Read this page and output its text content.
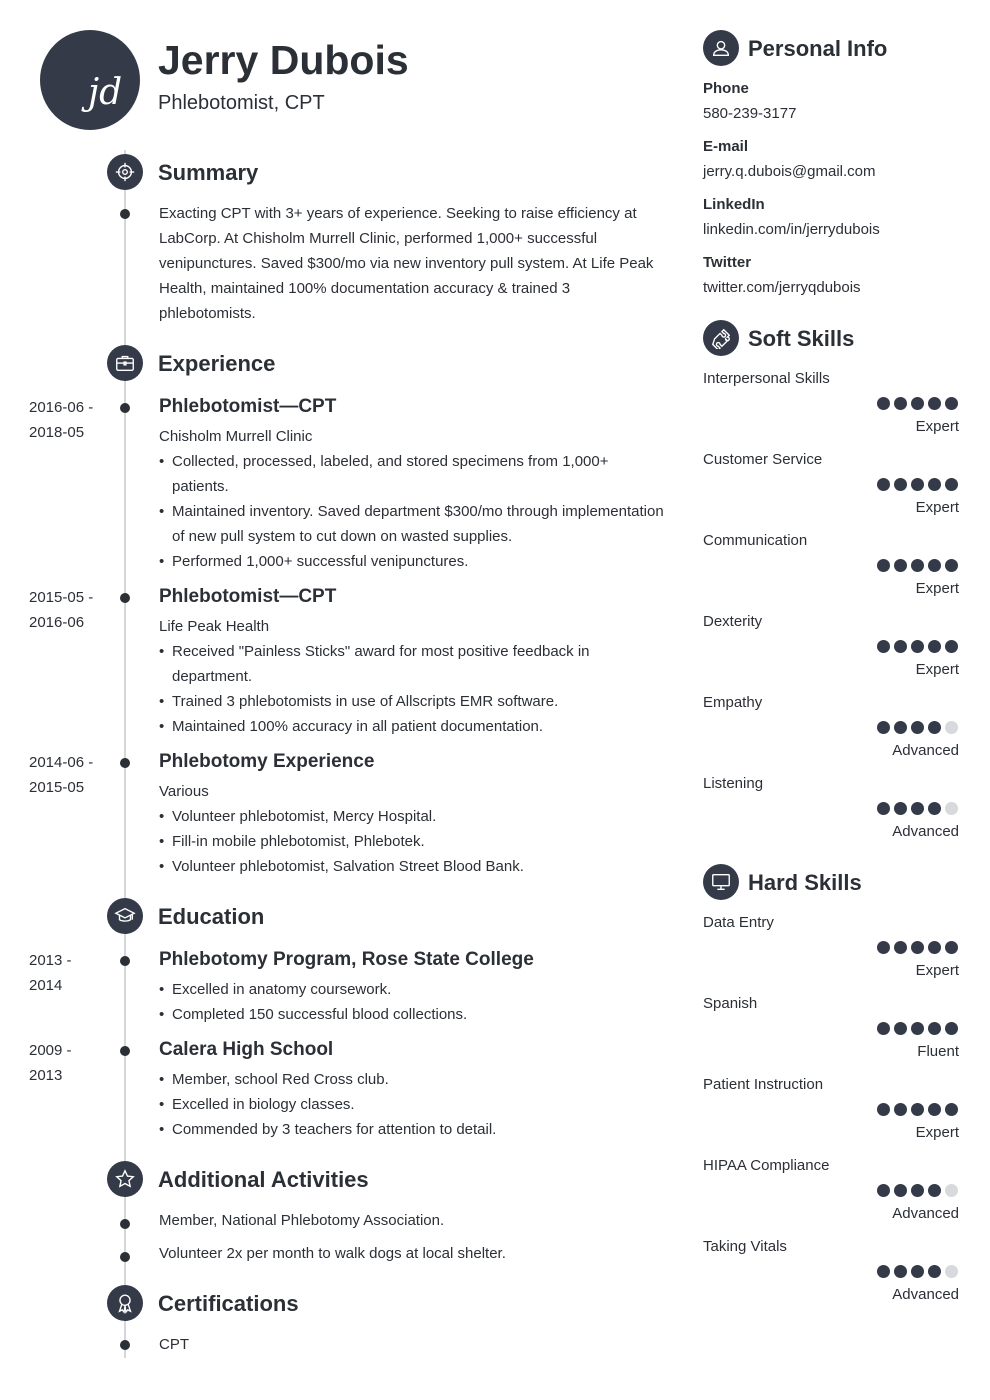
jd
Jerry Dubois
Phlebotomist, CPT
Summary
Exacting CPT with 3+ years of experience. Seeking to raise efficiency at LabCorp. At Chisholm Murrell Clinic, performed 1,000+ successful venipunctures. Saved $300/mo via new inventory pull system. At Life Peak Health, maintained 100% documentation accuracy & trained 3 phlebotomists.
Experience
2016-06 -
2018-05
Phlebotomist—CPT
Chisholm Murrell Clinic
• Collected, processed, labeled, and stored specimens from 1,000+ patients.
• Maintained inventory. Saved department $300/mo through implementation of new pull system to cut down on wasted supplies.
• Performed 1,000+ successful venipunctures.
2015-05 -
2016-06
Phlebotomist—CPT
Life Peak Health
• Received "Painless Sticks" award for most positive feedback in department.
• Trained 3 phlebotomists in use of Allscripts EMR software.
• Maintained 100% accuracy in all patient documentation.
2014-06 -
2015-05
Phlebotomy Experience
Various
• Volunteer phlebotomist, Mercy Hospital.
• Fill-in mobile phlebotomist, Phlebotek.
• Volunteer phlebotomist, Salvation Street Blood Bank.
Education
2013 -
2014
Phlebotomy Program, Rose State College
• Excelled in anatomy coursework.
• Completed 150 successful blood collections.
2009 -
2013
Calera High School
• Member, school Red Cross club.
• Excelled in biology classes.
• Commended by 3 teachers for attention to detail.
Additional Activities
Member, National Phlebotomy Association.
Volunteer 2x per month to walk dogs at local shelter.
Certifications
CPT
Personal Info
Phone
580-239-3177
E-mail
jerry.q.dubois@gmail.com
LinkedIn
linkedin.com/in/jerrydubois
Twitter
twitter.com/jerryqdubois
Soft Skills
Interpersonal Skills
Expert
Customer Service
Expert
Communication
Expert
Dexterity
Expert
Empathy
Advanced
Listening
Advanced
Hard Skills
Data Entry
Expert
Spanish
Fluent
Patient Instruction
Expert
HIPAA Compliance
Advanced
Taking Vitals
Advanced
